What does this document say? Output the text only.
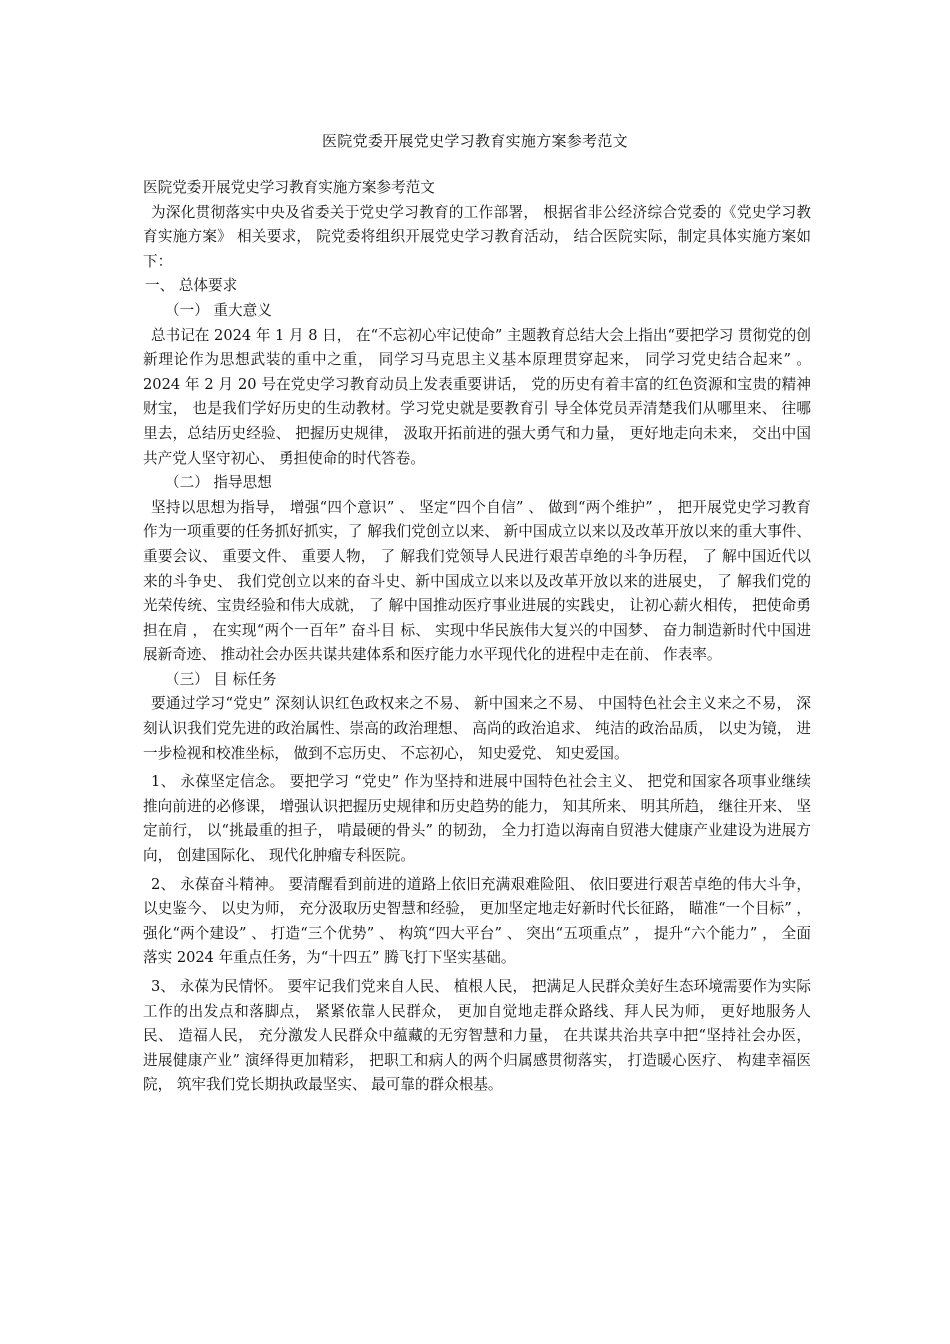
医院党委开展党史学习教育实施方案参考范文

医院党委开展党史学习教育实施方案参考范文

为深化贯彻落实中央及省委关于党史学习教育的工作部署， 根据省非公经济综合党委的《党史学习教育实施方案》 相关要求， 院党委将组织开展党史学习教育活动， 结合医院实际，制定具体实施方案如下：

一、 总体要求

（一） 重大意义

总书记在 2024 年 1 月 8 日， 在“不忘初心牢记使命” 主题教育总结大会上指出“要把学习 贯彻党的创新理论作为思想武装的重中之重， 同学习马克思主义基本原理贯穿起来， 同学习党史结合起来” 。2024 年 2 月 20 号在党史学习教育动员上发表重要讲话， 党的历史有着丰富的红色资源和宝贵的精神财宝， 也是我们学好历史的生动教材。学习党史就是要教育引 导全体党员弄清楚我们从哪里来、 往哪里去，总结历史经验、 把握历史规律， 汲取开拓前进的强大勇气和力量， 更好地走向未来， 交出中国共产党人坚守初心、 勇担使命的时代答卷。

（二） 指导思想

坚持以思想为指导， 增强“四个意识” 、 坚定“四个自信” 、 做到“两个维护” ， 把开展党史学习教育作为一项重要的任务抓好抓实，了 解我们党创立以来、 新中国成立以来以及改革开放以来的重大事件、重要会议、 重要文件、 重要人物， 了 解我们党领导人民进行艰苦卓绝的斗争历程， 了 解中国近代以来的斗争史、 我们党创立以来的奋斗史、新中国成立以来以及改革开放以来的进展史， 了 解我们党的光荣传统、宝贵经验和伟大成就， 了 解中国推动医疗事业进展的实践史， 让初心薪火相传， 把使命勇担在肩 ， 在实现“两个一百年” 奋斗目 标、 实现中华民族伟大复兴的中国梦、 奋力制造新时代中国进展新奇迹、 推动社会办医共谋共建体系和医疗能力水平现代化的进程中走在前、 作表率。

（三） 目 标任务

要通过学习“党史” 深刻认识红色政权来之不易、 新中国来之不易、 中国特色社会主义来之不易， 深刻认识我们党先进的政治属性、崇高的政治理想、 高尚的政治追求、 纯洁的政治品质， 以史为镜， 进一步检视和校准坐标， 做到不忘历史、 不忘初心， 知史爱党、 知史爱国。

1、 永葆坚定信念。 要把学习 “党史” 作为坚持和进展中国特色社会主义、 把党和国家各项事业继续推向前进的必修课， 增强认识把握历史规律和历史趋势的能力， 知其所来、 明其所趋， 继往开来、 坚定前行， 以“挑最重的担子， 啃最硬的骨头” 的韧劲， 全力打造以海南自贸港大健康产业建设为进展方向， 创建国际化、 现代化肿瘤专科医院。

2、 永葆奋斗精神。 要清醒看到前进的道路上依旧充满艰难险阻、 依旧要进行艰苦卓绝的伟大斗争， 以史鉴今、 以史为师， 充分汲取历史智慧和经验， 更加坚定地走好新时代长征路， 瞄准“一个目标” ， 强化“两个建设” 、 打造“三个优势” 、 构筑“四大平台” 、 突出“五项重点” ， 提升“六个能力” ， 全面落实 2024 年重点任务，为“十四五” 腾飞打下坚实基础。

3、 永葆为民情怀。 要牢记我们党来自人民、 植根人民， 把满足人民群众美好生态环境需要作为实际工作的出发点和落脚点， 紧紧依靠人民群众， 更加自觉地走群众路线、拜人民为师， 更好地服务人民、 造福人民， 充分激发人民群众中蕴藏的无穷智慧和力量， 在共谋共治共享中把“坚持社会办医， 进展健康产业” 演绎得更加精彩， 把职工和病人的两个归属感贯彻落实， 打造暖心医疗、 构建幸福医院， 筑牢我们党长期执政最坚实、 最可靠的群众根基。
